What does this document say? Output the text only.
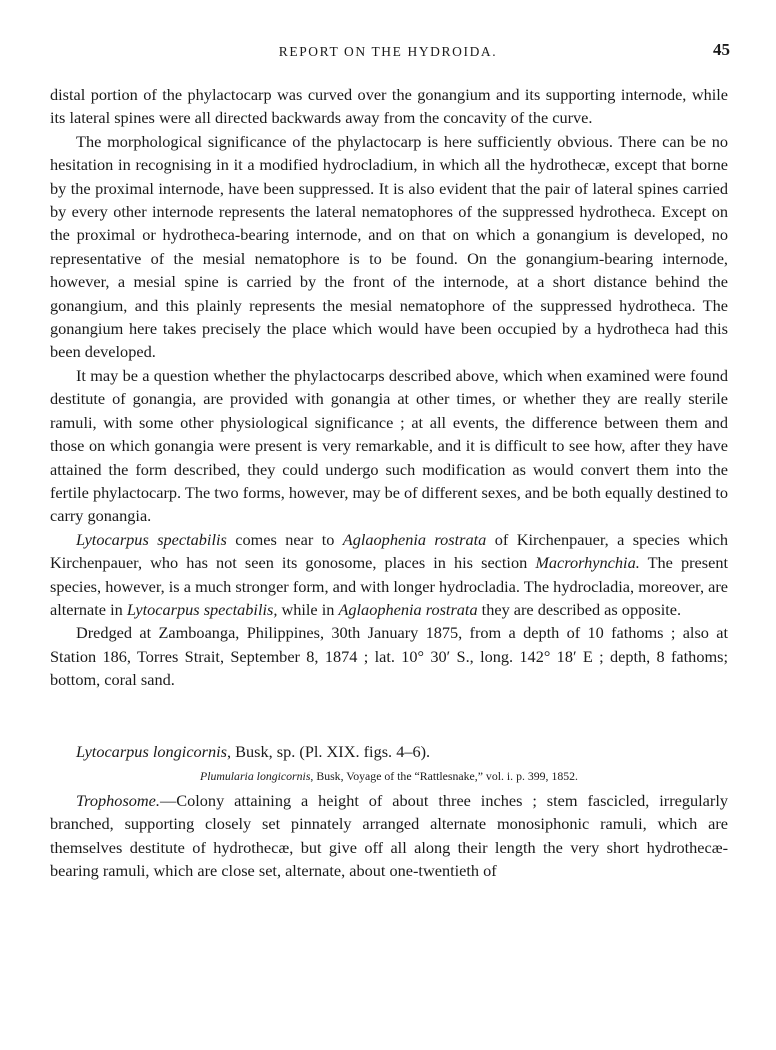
REPORT ON THE HYDROIDA.	45

distal portion of the phylactocarp was curved over the gonangium and its supporting internode, while its lateral spines were all directed backwards away from the concavity of the curve.

The morphological significance of the phylactocarp is here sufficiently obvious. There can be no hesitation in recognising in it a modified hydrocladium, in which all the hydrothecæ, except that borne by the proximal internode, have been suppressed. It is also evident that the pair of lateral spines carried by every other internode represents the lateral nematophores of the suppressed hydrotheca. Except on the proximal or hydrotheca-bearing internode, and on that on which a gonangium is developed, no representative of the mesial nematophore is to be found. On the gonangium-bearing internode, however, a mesial spine is carried by the front of the internode, at a short distance behind the gonangium, and this plainly represents the mesial nematophore of the suppressed hydrotheca. The gonangium here takes precisely the place which would have been occupied by a hydrotheca had this been developed.

It may be a question whether the phylactocarps described above, which when examined were found destitute of gonangia, are provided with gonangia at other times, or whether they are really sterile ramuli, with some other physiological significance ; at all events, the difference between them and those on which gonangia were present is very remarkable, and it is difficult to see how, after they have attained the form described, they could undergo such modification as would convert them into the fertile phylactocarp. The two forms, however, may be of different sexes, and be both equally destined to carry gonangia.

Lytocarpus spectabilis comes near to Aglaophenia rostrata of Kirchenpauer, a species which Kirchenpauer, who has not seen its gonosome, places in his section Macrorhynchia. The present species, however, is a much stronger form, and with longer hydrocladia. The hydrocladia, moreover, are alternate in Lytocarpus spectabilis, while in Aglaophenia rostrata they are described as opposite.

Dredged at Zamboanga, Philippines, 30th January 1875, from a depth of 10 fathoms ; also at Station 186, Torres Strait, September 8, 1874 ; lat. 10° 30′ S., long. 142° 18′ E ; depth, 8 fathoms; bottom, coral sand.

Lytocarpus longicornis, Busk, sp. (Pl. XIX. figs. 4–6).

Plumularia longicornis, Busk, Voyage of the “Rattlesnake,” vol. i. p. 399, 1852.

Trophosome.—Colony attaining a height of about three inches ; stem fascicled, irregularly branched, supporting closely set pinnately arranged alternate monosiphonic ramuli, which are themselves destitute of hydrothecæ, but give off all along their length the very short hydrothecæ-bearing ramuli, which are close set, alternate, about one-twentieth of
